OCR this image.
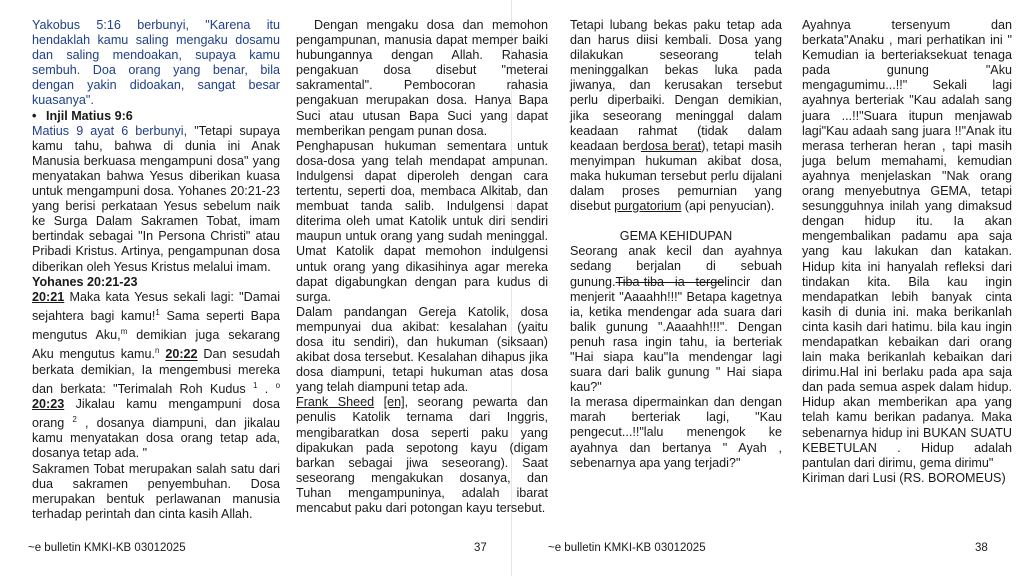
Yakobus 5:16 berbunyi, "Karena itu hendaklah kamu saling mengaku dosamu dan saling mendoakan, supaya kamu sembuh. Doa orang yang benar, bila dengan yakin didoakan, sangat besar kuasanya".

• Injil Matius 9:6

Matius 9 ayat 6 berbunyi, "Tetapi supaya kamu tahu, bahwa di dunia ini Anak Manusia berkuasa mengampuni dosa" yang menyatakan bahwa Yesus diberikan kuasa untuk mengampuni dosa. Yohanes 20:21-23 yang berisi perkataan Yesus sebelum naik ke Surga Dalam Sakramen Tobat, imam bertindak sebagai "In Persona Christi" atau Pribadi Kristus. Artinya, pengampunan dosa diberikan oleh Yesus Kristus melalui imam.

Yohanes 20:21-23

20:21 Maka kata Yesus sekali lagi: "Damai sejahtera bagi kamu!$^1$ Sama seperti Bapa mengutus Aku,$^m$ demikian juga sekarang Aku mengutus kamu.$^n$ 20:22 Dan sesudah berkata demikian, Ia mengembusi mereka dan berkata: "Terimalah Roh Kudus $^1$ . $^o$ 20:23 Jikalau kamu mengampuni dosa orang $^2$ , dosanya diampuni, dan jikalau kamu menyatakan dosa orang tetap ada, dosanya tetap ada. "

Sakramen Tobat merupakan salah satu dari dua sakramen penyembuhan. Dosa merupakan bentuk perlawanan manusia terhadap perintah dan cinta kasih Allah.

Dengan mengaku dosa dan memohon pengampunan, manusia dapat memper baiki hubungannya dengan Allah. Rahasia pengakuan dosa disebut "meterai sakramental". Pembocoran rahasia pengakuan merupakan dosa. Hanya Bapa Suci atau utusan Bapa Suci yang dapat memberikan pengam punan dosa.

Penghapusan hukuman sementara untuk dosa-dosa yang telah mendapat ampunan. Indulgensi dapat diperoleh dengan cara tertentu, seperti doa, membaca Alkitab, dan membuat tanda salib. Indulgensi dapat diterima oleh umat Katolik untuk diri sendiri maupun untuk orang yang sudah meninggal. Umat Katolik dapat memohon indulgensi untuk orang yang dikasihinya agar mereka dapat digabungkan dengan para kudus di surga.

Dalam pandangan Gereja Katolik, dosa mempunyai dua akibat: kesalahan (yaitu dosa itu sendiri), dan hukuman (siksaan) akibat dosa tersebut. Kesalahan dihapus jika dosa diampuni, tetapi hukuman atas dosa yang telah diampuni tetap ada.

Frank Sheed [en], seorang pewarta dan penulis Katolik ternama dari Inggris, mengibaratkan dosa seperti paku yang dipakukan pada sepotong kayu (digam barkan sebagai jiwa seseorang). Saat seseorang mengakukan dosanya, dan Tuhan mengampuninya, adalah ibarat mencabut paku dari potongan kayu tersebut.

Tetapi lubang bekas paku tetap ada dan harus diisi kembali. Dosa yang dilakukan seseorang telah meninggalkan bekas luka pada jiwanya, dan kerusakan tersebut perlu diperbaiki. Dengan demikian, jika seseorang meninggal dalam keadaan rahmat (tidak dalam keadaan berdosa berat), tetapi masih menyimpan hukuman akibat dosa, maka hukuman tersebut perlu dijalani dalam proses pemurnian yang disebut purgatorium (api penyucian).

GEMA KEHIDUPAN

Seorang anak kecil dan ayahnya sedang berjalan di sebuah gunung.Tiba-tiba ia tergelincir dan menjerit "Aaaahh!!!" Betapa kagetnya ia, ketika mendengar ada suara dari balik gunung ".Aaaahh!!!". Dengan penuh rasa ingin tahu, ia berteriak "Hai siapa kau"Ia mendengar lagi suara dari balik gunung " Hai siapa kau?"

Ia merasa dipermainkan dan dengan marah berteriak lagi, "Kau pengecut...!!"lalu menengok ke ayahnya dan bertanya " Ayah , sebenarnya apa yang terjadi?"

Ayahnya tersenyum dan berkata"Anaku , mari perhatikan ini " Kemudian ia berteriaksekuat tenaga pada gunung "Aku mengagumimu...!!" Sekali lagi ayahnya berteriak "Kau adalah sang juara ...!!"Suara itupun menjawab lagi"Kau adaah sang juara !!"Anak itu merasa terheran heran , tapi masih juga belum memahami, kemudian ayahnya menjelaskan "Nak orang orang menyebutnya GEMA, tetapi sesungguhnya inilah yang dimaksud dengan hidup itu. Ia akan mengembalikan padamu apa saja yang kau lakukan dan katakan. Hidup kita ini hanyalah refleksi dari tindakan kita. Bila kau ingin mendapatkan lebih banyak cinta kasih di dunia ini. maka berikanlah cinta kasih dari hatimu. bila kau ingin mendapatkan kebaikan dari orang lain maka berikanlah kebaikan dari dirimu.Hal ini berlaku pada apa saja dan pada semua aspek dalam hidup. Hidup akan memberikan apa yang telah kamu berikan padanya. Maka sebenarnya hidup ini BUKAN SUATU KEBETULAN . Hidup adalah pantulan dari dirimu, gema dirimu"

Kiriman dari Lusi (RS. BOROMEUS)

~e bulletin KMKI-KB 03012025	37	~e bulletin KMKI-KB 03012025	38
